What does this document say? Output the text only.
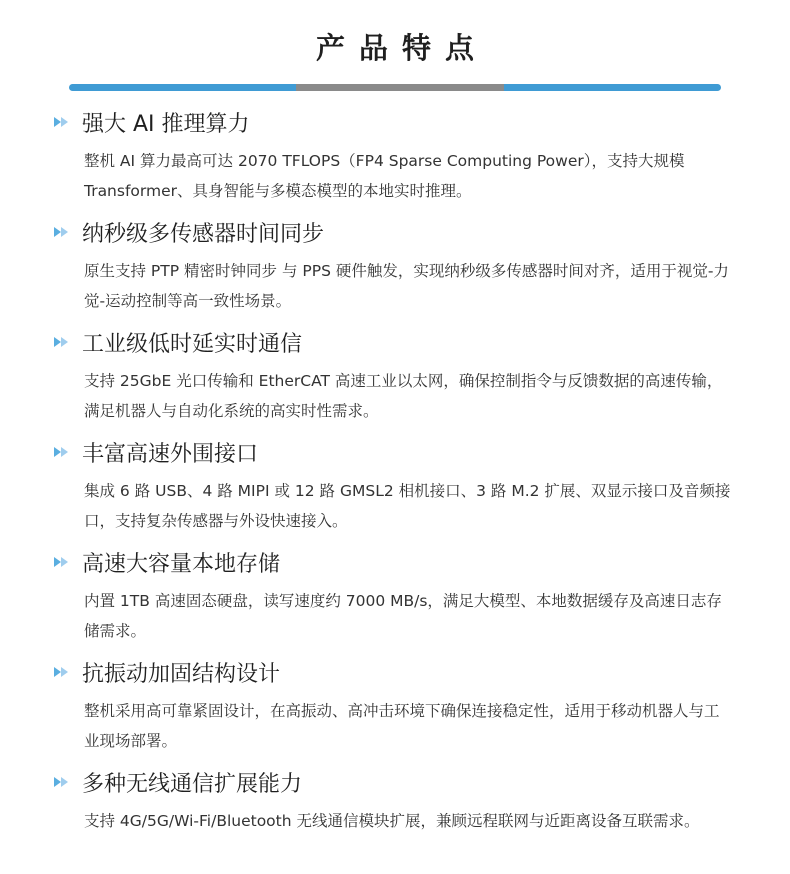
产品特点
强大 AI 推理算力
整机 AI 算力最高可达 2070 TFLOPS（FP4 Sparse Computing Power），支持大规模 Transformer、具身智能与多模态模型的本地实时推理。
纳秒级多传感器时间同步
原生支持 PTP 精密时钟同步 与 PPS 硬件触发，实现纳秒级多传感器时间对齐，适用于视觉-力觉-运动控制等高一致性场景。
工业级低时延实时通信
支持 25GbE 光口传输和 EtherCAT 高速工业以太网，确保控制指令与反馈数据的高速传输，满足机器人与自动化系统的高实时性需求。
丰富高速外围接口
集成 6 路 USB、4 路 MIPI 或 12 路 GMSL2 相机接口、3 路 M.2 扩展、双显示接口及音频接口，支持复杂传感器与外设快速接入。
高速大容量本地存储
内置 1TB 高速固态硬盘，读写速度约 7000 MB/s，满足大模型、本地数据缓存及高速日志存储需求。
抗振动加固结构设计
整机采用高可靠紧固设计，在高振动、高冲击环境下确保连接稳定性，适用于移动机器人与工业现场部署。
多种无线通信扩展能力
支持 4G/5G/Wi-Fi/Bluetooth 无线通信模块扩展，兼顾远程联网与近距离设备互联需求。
